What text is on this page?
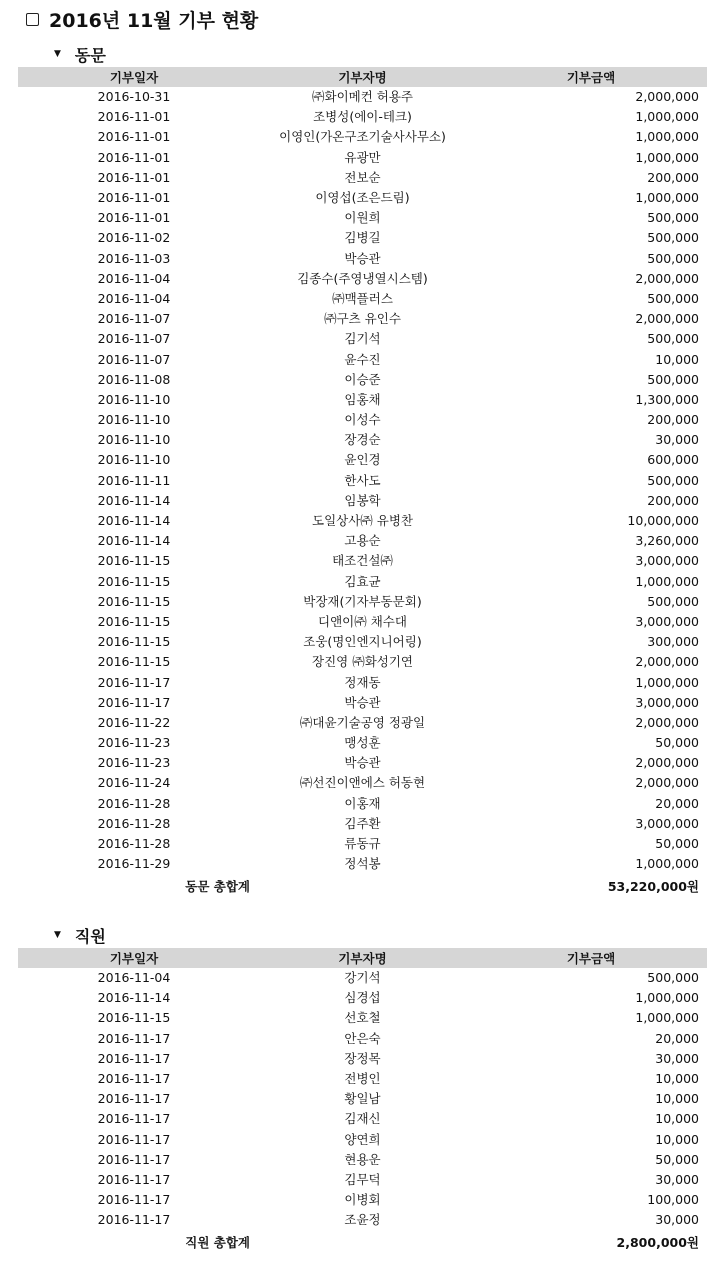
2016년 11월 기부 현황
▼ 동문
기부일자	기부자명	기부금액
2016-10-31	㈜화이메컨 허용주	2,000,000
2016-11-01	조병성(에이-테크)	1,000,000
2016-11-01	이영인(가온구조기술사사무소)	1,000,000
2016-11-01	유광만	1,000,000
2016-11-01	전보순	200,000
2016-11-01	이영섭(조은드림)	1,000,000
2016-11-01	이원희	500,000
2016-11-02	김병길	500,000
2016-11-03	박승관	500,000
2016-11-04	김종수(주영냉열시스템)	2,000,000
2016-11-04	㈜맥플러스	500,000
2016-11-07	㈜구츠 유인수	2,000,000
2016-11-07	김기석	500,000
2016-11-07	윤수진	10,000
2016-11-08	이승준	500,000
2016-11-10	임홍채	1,300,000
2016-11-10	이성수	200,000
2016-11-10	장경순	30,000
2016-11-10	윤인경	600,000
2016-11-11	한사도	500,000
2016-11-14	임봉학	200,000
2016-11-14	도일상사㈜ 유병찬	10,000,000
2016-11-14	고용순	3,260,000
2016-11-15	태조건설㈜	3,000,000
2016-11-15	김효균	1,000,000
2016-11-15	박장재(기자부동문회)	500,000
2016-11-15	디앤이㈜ 채수대	3,000,000
2016-11-15	조웅(명인엔지니어링)	300,000
2016-11-15	장진영 ㈜화성기연	2,000,000
2016-11-17	정재동	1,000,000
2016-11-17	박승관	3,000,000
2016-11-22	㈜대윤기술공영 정광일	2,000,000
2016-11-23	맹성훈	50,000
2016-11-23	박승관	2,000,000
2016-11-24	㈜선진이앤에스 허동현	2,000,000
2016-11-28	이홍재	20,000
2016-11-28	김주환	3,000,000
2016-11-28	류동규	50,000
2016-11-29	정석봉	1,000,000
동문 총합계		53,220,000원
▼ 직원
기부일자	기부자명	기부금액
2016-11-04	강기석	500,000
2016-11-14	심경섭	1,000,000
2016-11-15	선호철	1,000,000
2016-11-17	안은숙	20,000
2016-11-17	장정목	30,000
2016-11-17	전병인	10,000
2016-11-17	황일남	10,000
2016-11-17	김재신	10,000
2016-11-17	양연희	10,000
2016-11-17	현용운	50,000
2016-11-17	김무덕	30,000
2016-11-17	이병회	100,000
2016-11-17	조윤정	30,000
직원 총합계		2,800,000원
